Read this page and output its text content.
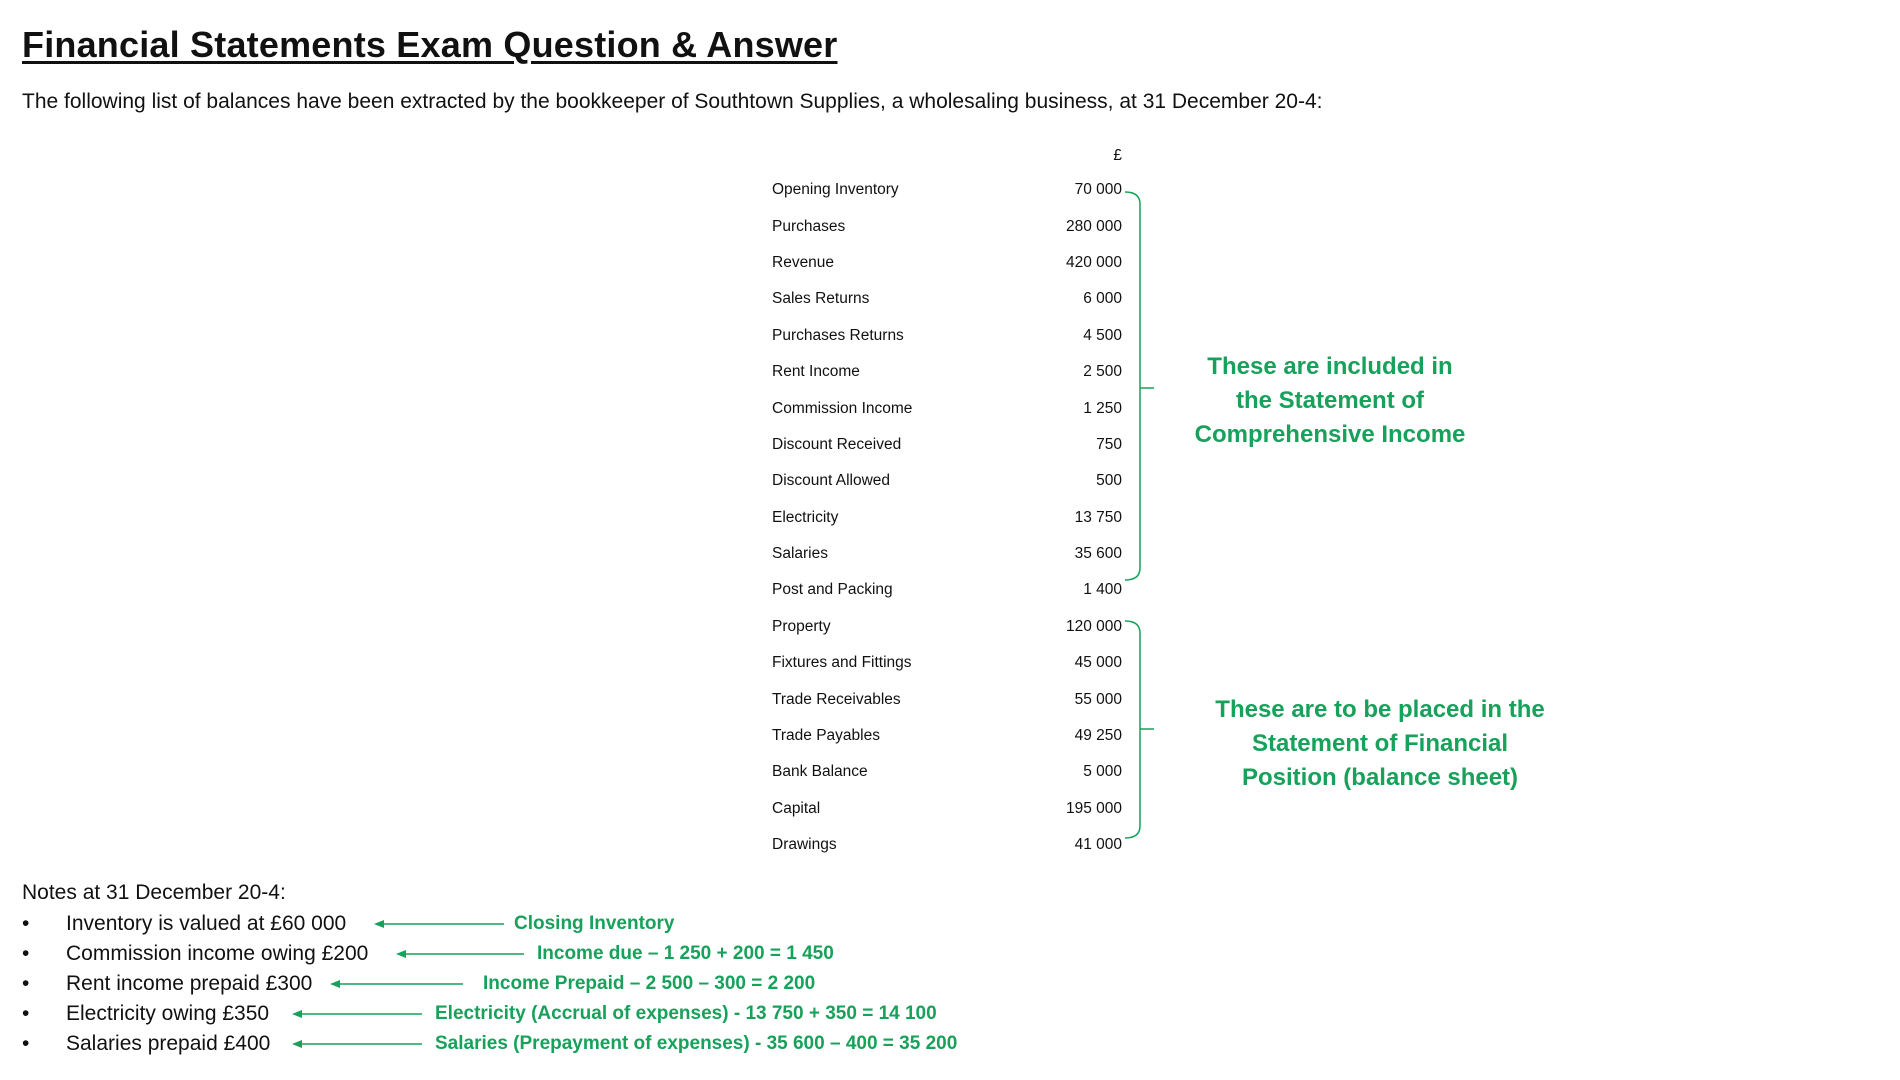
Financial Statements Exam Question & Answer
The following list of balances have been extracted by the bookkeeper of Southtown Supplies, a wholesaling business, at 31 December 20-4:
	£
Opening Inventory	70 000
Purchases	280 000
Revenue	420 000
Sales Returns	6 000
Purchases Returns	4 500
Rent Income	2 500
Commission Income	1 250
Discount Received	750
Discount Allowed	500
Electricity	13 750
Salaries	35 600
Post and Packing	1 400
Property	120 000
Fixtures and Fittings	45 000
Trade Receivables	55 000
Trade Payables	49 250
Bank Balance	5 000
Capital	195 000
Drawings	41 000
These are included in
the Statement of
Comprehensive Income
These are to be placed in the
Statement of Financial
Position (balance sheet)
Notes at 31 December 20-4:
• Inventory is valued at £60 000	Closing Inventory
• Commission income owing £200	Income due – 1 250 + 200 = 1 450
• Rent income prepaid £300	Income Prepaid – 2 500 – 300 = 2 200
• Electricity owing £350	Electricity (Accrual of expenses) - 13 750 + 350 = 14 100
• Salaries prepaid £400	Salaries (Prepayment of expenses) - 35 600 – 400 = 35 200
